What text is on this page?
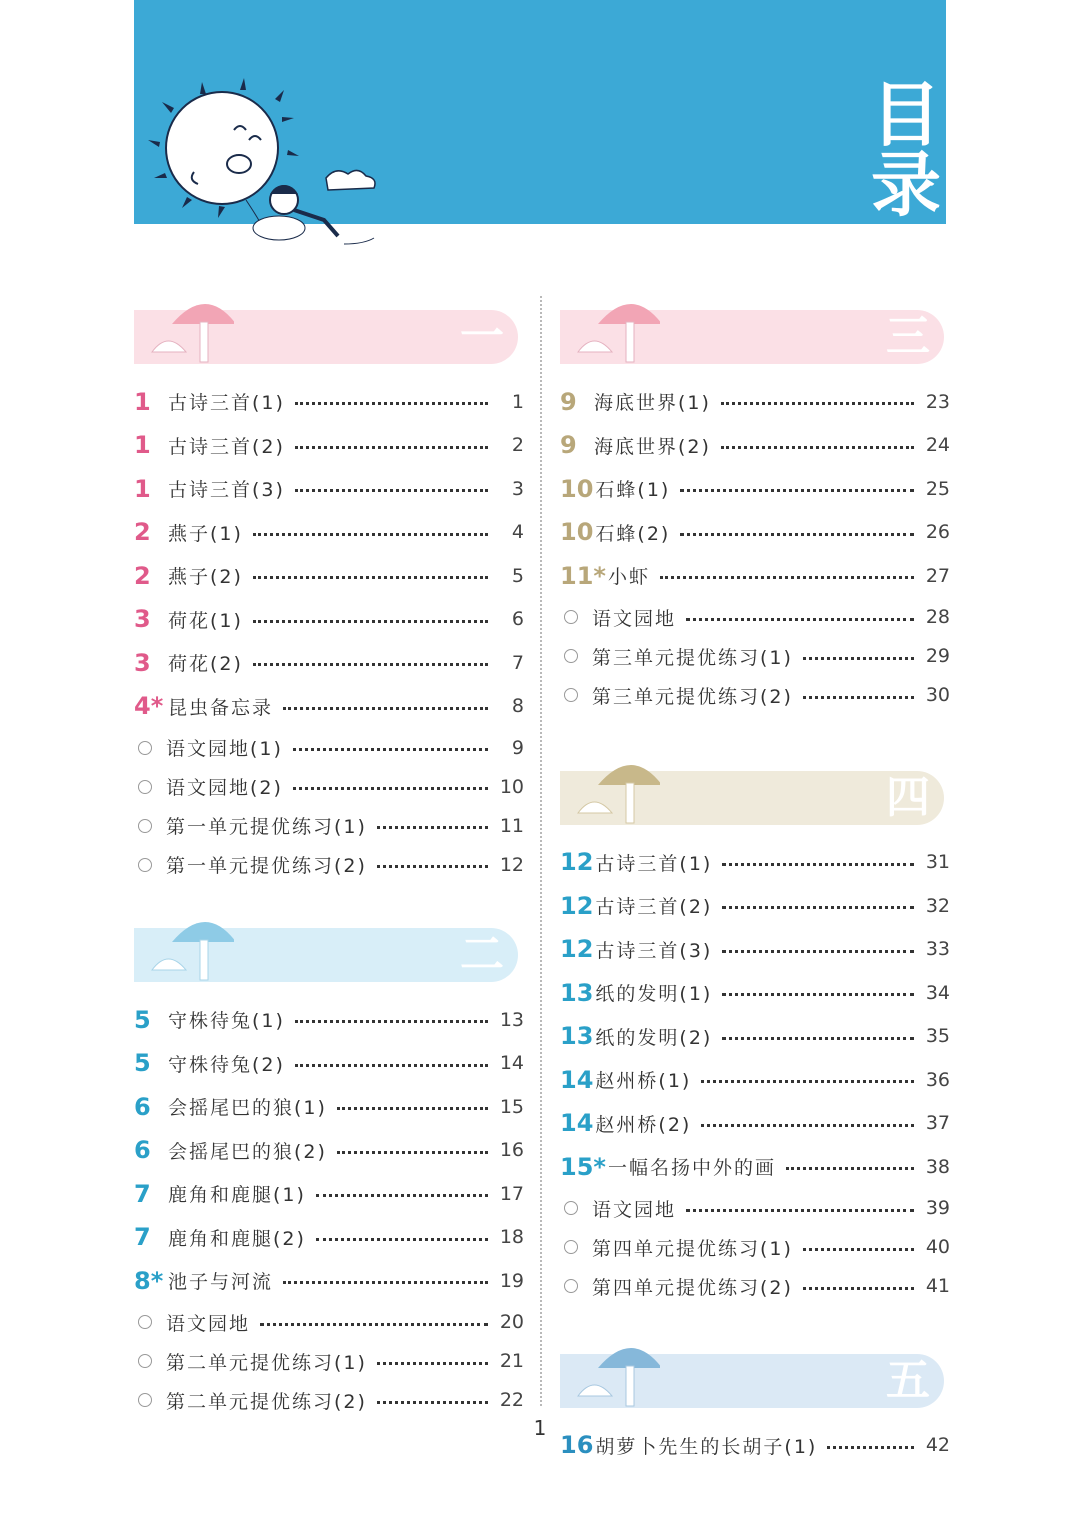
目
录
一
1 古诗三首(1)	1
1 古诗三首(2)	2
1 古诗三首(3)	3
2 燕子(1)	4
2 燕子(2)	5
3 荷花(1)	6
3 荷花(2)	7
4* 昆虫备忘录	8
语文园地(1)	9
语文园地(2)	10
第一单元提优练习(1)	11
第一单元提优练习(2)	12
二
5 守株待兔(1)	13
5 守株待兔(2)	14
6 会摇尾巴的狼(1)	15
6 会摇尾巴的狼(2)	16
7 鹿角和鹿腿(1)	17
7 鹿角和鹿腿(2)	18
8* 池子与河流	19
语文园地	20
第二单元提优练习(1)	21
第二单元提优练习(2)	22
三
9 海底世界(1)	23
9 海底世界(2)	24
10 石蜂(1)	25
10 石蜂(2)	26
11* 小虾	27
语文园地	28
第三单元提优练习(1)	29
第三单元提优练习(2)	30
四
12 古诗三首(1)	31
12 古诗三首(2)	32
12 古诗三首(3)	33
13 纸的发明(1)	34
13 纸的发明(2)	35
14 赵州桥(1)	36
14 赵州桥(2)	37
15* 一幅名扬中外的画	38
语文园地	39
第四单元提优练习(1)	40
第四单元提优练习(2)	41
五
16 胡萝卜先生的长胡子(1)	42
1
